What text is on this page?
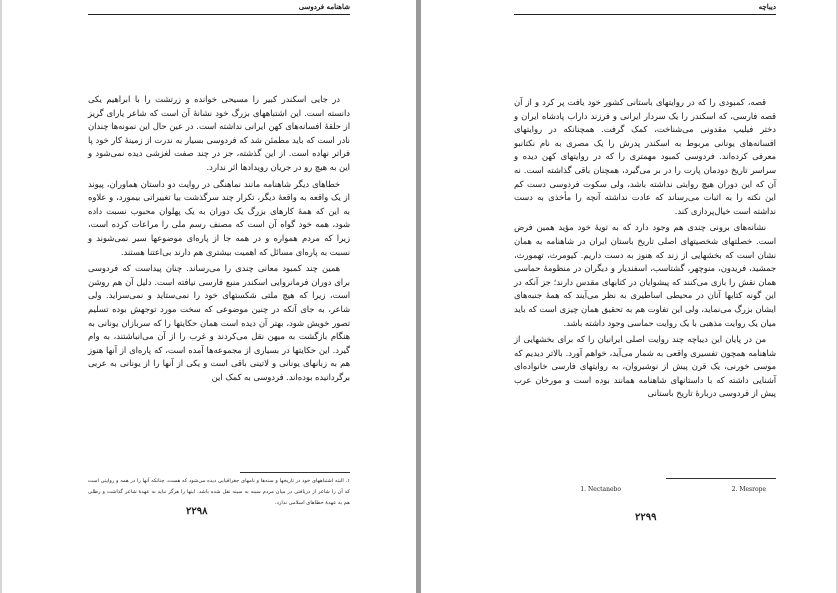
شاهنامه فردوسی

در جایی اسکندر کبیر را مسیحی خوانده و زرتشت را با ابراهیم یکی دانسته است. این اشتباههای بزرگ خود نشانهٔ آن است که شاعر یارای گریز از حلقهٔ افسانه‌های کهن ایرانی نداشته است. در عین حال این نمونه‌ها چندان نادر است که باید مطمئن شد که فردوسی بسیار به ندرت از زمینهٔ کار خود پا فراتر نهاده است. از این گذشته، جز در چند صفت لغزشی دیده نمی‌شود و این به هیچ رو در جریان رویدادها اثر ندارد.

خطاهای دیگر شاهنامه مانند نماهنگی در روایت دو داستان هماوران، پیوند از یک واقعه به واقعهٔ دیگر، تکرار چند سرگذشت بیا تغییراتی بیمورد، و علاوه به این که همهٔ کارهای بزرگ یک دوران به یک پهلوان محبوب نسبت داده شود، همه خود گواه آن است که مصنف رسم ملی را مراعات کرده است، زیرا که مردم همواره و در همه جا از پاره‌ای موضوعها سیر نمی‌شوند و نسبت به پاره‌ای مسائل که اهمیت بیشتری هم دارند بی‌اعتنا هستند.

همین چند کمبود معانی چندی را می‌رساند. چنان پیداست که فردوسی برای دوران فرمانروایی اسکندر منبع فارسی نیافته است. دلیل آن هم روشن است، زیرا که هیچ ملتی شکستهای خود را نمی‌ستاید و نمی‌سراید. ولی شاعر، به جای آنکه در چنین موضوعی که سخت مورد توجهش بوده تسلیم تصور خویش شود، بهتر آن دیده است همان حکایتها را که سربازان یونانی به هنگام بازگشت به میهن نقل می‌کردند و غرب را از آن می‌انباشتند، به وام گیرد. این حکایتها در بسیاری از مجموعه‌ها آمده است، که پاره‌ای از آنها هنوز هم به زبانهای یونانی و لاتینی باقی است و یکی از آنها را از یونانی به عربی برگردانیده بوده‌اند. فردوسی به کمک این

۱. البته اشتباههای خود در تاریخها و سنه‌ها و نامهای جغرافیایی دیده می‌شود که هست، چنانکه آنها را در همه و روایتی است که آن را شاعر از دریافتی در میان مردم سینه به سینه نقل شده باشد. اینها را هرگز نباید به عهدهٔ شاعر گذاشت و رطلی هم به عهدهٔ خطاهای اسلامی ندارد.
۲۲۹۸
دیباچه

قصه، کمبودی را که در روایتهای باستانی کشور خود یافت پر کرد و از آن قصه فارسی، که اسکندر را یک سردار ایرانی و فرزند داراب پادشاه ایران و دختر فیلیپ مقدونی می‌شناخت، کمک گرفت. همچنانکه در روایتهای افسانه‌های یونانی مربوط به اسکندر پدرش را یک مصری به نام نکتانبو معرفی کرده‌اند. فردوسی کمبود مهمتری را که در روایتهای کهن دیده و سراسر تاریخ دودمان پارت را در بر می‌گیرد، همچنان باقی گذاشته است. نه آن که این دوران هیچ روایتی نداشته باشد، ولی سکوت فردوسی دست کم این نکته را به اثبات می‌رساند که عادت نداشته آنچه را مأخذی به دست نداشته است خیال‌پردازی کند.

نشانه‌های برونی چندی هم وجود دارد که به تویهٔ خود مؤید همین فرض است. خصلتهای شخصیتهای اصلی تاریخ باستان ایران در شاهنامه به همان نشان است که بخشهایی از زند که هنوز به دست داریم. کیومرث، تهمورث، جمشید، فریدون، منوچهر، گشتاسب، اسفندیار و دیگران در منظومهٔ حماسی همان نقش را بازی می‌کنند که پیشوایان در کتابهای مقدس دارند؛ جز آنکه در این گونه کتابها آنان در محیطی اساطیری به نظر می‌آیند که همهٔ جنبه‌های ایشان بزرگ می‌نماید، ولی این تفاوت هم به تحقیق همان چیزی است که باید میان یک روایت مذهبی با یک روایت حماسی وجود داشته باشد.

من در پایان این دیباچه چند روایت اصلی ایرانیان را که برای بخشهایی از شاهنامه همچون تفسیری واقعی به شمار می‌آید، خواهم آورد. بالاتر دیدیم که موسی خورنی، یک قرن پیش از نوشیروان، به روایتهای فارسی خانواده‌ای آشنایی داشته که با داستانهای شاهنامه همانند بوده است و مورخان عرب پیش از فردوسی دربارهٔ تاریخ باستانی

1. Nectanebo	2. Mesrope
۲۲۹۹
